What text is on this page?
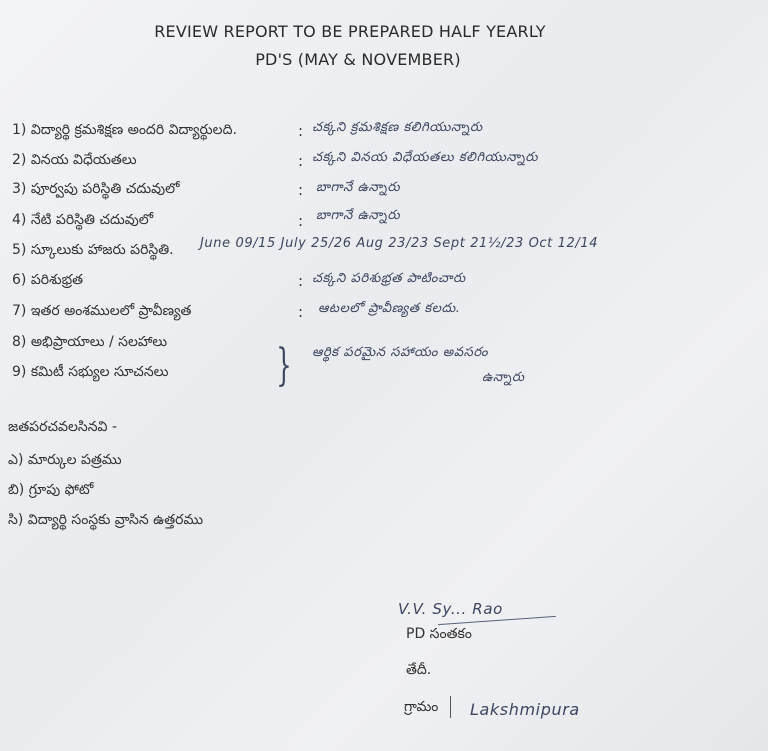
REVIEW REPORT TO BE PREPARED HALF YEARLY
PD'S (MAY & NOVEMBER)
1) విద్యార్థి క్రమశిక్షణ అందరి విద్యార్థులది.
2) వినయ విధేయతలు
3) పూర్వపు పరిస్థితి చదువులో
4) నేటి పరిస్థితి చదువులో
5) స్కూలుకు హాజరు పరిస్థితి.
6) పరిశుభ్రత
7) ఇతర అంశములలో ప్రావీణ్యత
8) అభిప్రాయాలు / సలహాలు
9) కమిటీ సభ్యుల సూచనలు
:
:
:
:
:
:
చక్కని క్రమశిక్షణ కలిగియున్నారు
చక్కని వినయ విధేయతలు కలిగియున్నారు
బాగానే ఉన్నారు
బాగానే ఉన్నారు
June 09/15 July 25/26 Aug 23/23 Sept 21½/23 Oct 12/14
చక్కని పరిశుభ్రత పాటించారు
ఆటలలో ప్రావీణ్యత కలదు.
} ఆర్థిక పరమైన సహాయం అవసరం
ఉన్నారు
జతపరచవలసినవి -
ఎ) మార్కుల పత్రము
బి) గ్రూపు ఫోటో
సి) విద్యార్థి సంస్థకు వ్రాసిన ఉత్తరము
V.V. Sy... Rao
PD సంతకం
తేదీ.
గ్రామం Lakshmipura
